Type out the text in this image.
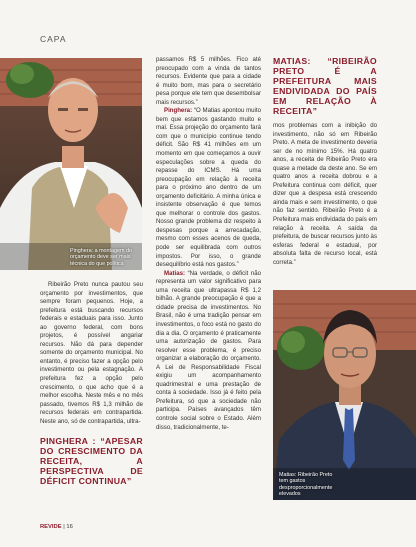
CAPA
Pinghera: a montagem do orçamento deve ser mais técnica do que política

Ribeirão Preto nunca pautou seu orçamento por investimentos, que sempre foram pequenos. Hoje, a prefeitura está buscando recursos federais e estaduais para isso. Junto ao governo federal, com bons projetos, é possível angariar recursos. Não dá para depender somente do orçamento municipal. No entanto, é preciso fazer a opção pelo investimento ou pela estagnação. A prefeitura fez a opção pelo crescimento, o que acho que é a melhor escolha. Neste mês e no mês passado, tivemos R$ 1,3 milhão de recursos federais em contrapartida. Neste ano, só de contrapartida, ultra-

PINGHERA : “APESAR DO CRESCIMENTO DA RECEITA, A PERSPECTIVA DE DÉFICIT CONTINUA”

passamos R$ 5 milhões. Fico até preocupado com a vinda de tantos recursos. Evidente que para a cidade é muito bom, mas para o secretário pesa porque ele tem que desembolsar mais recursos.”

Pinghera: “O Matias apontou muito bem que estamos gastando muito e mal. Essa projeção do orçamento fará com que o município continue tendo déficit. São R$ 41 milhões em um momento em que começamos a ouvir especulações sobre a queda do repasse do ICMS. Há uma preocupação em relação à receita para o próximo ano dentro de um orçamento deficitário. A minha única e insistente observação é que temos que melhorar o controle dos gastos. Nosso grande problema diz respeito à despesas porque a arrecadação, mesmo com esses acenos de queda, pode ser equilibrada com outros impostos. Por isso, o grande desequilíbrio está nos gastos.”

Matias: “Na verdade, o déficit não representa um valor significativo para uma receita que ultrapassa R$ 1,2 bilhão. A grande preocupação é que a cidade precisa de investimentos. No Brasil, não é uma tradição pensar em investimentos, o foco está no gasto do dia a dia. O orçamento é praticamente uma autorização de gastos. Para resolver esse problema, é preciso organizar a elaboração do orçamento. A Lei de Responsabilidade Fiscal exigiu um acompanhamento quadrimestral e uma prestação de conta à sociedade. Isso já é feito pela Prefeitura, só que a sociedade não participa. Países avançados têm controle social sobre o Estado. Além disso, tradicionalmente, te-

MATIAS: “RIBEIRÃO PRETO É A PREFEITURA MAIS ENDIVIDADA DO PAÍS EM RELAÇÃO À RECEITA”

mos problemas com a inibição do investimento, não só em Ribeirão Preto. A meta de investimento deveria ser de no mínimo 15%. Há quatro anos, a receita de Ribeirão Preto era quase a metade da deste ano. Se em quatro anos a receita dobrou e a Prefeitura continua com déficit, quer dizer que a despesa está crescendo ainda mais e sem investimento, o que não faz sentido. Ribeirão Preto é a Prefeitura mais endividada do país em relação à receita. A saída da prefeitura, de buscar recursos junto às esferas federal e estadual, por absoluta falta de recurso local, está correta.”

Matias: Ribeirão Preto tem gastos desproporcionalmente elevados
REVIDE | 16
